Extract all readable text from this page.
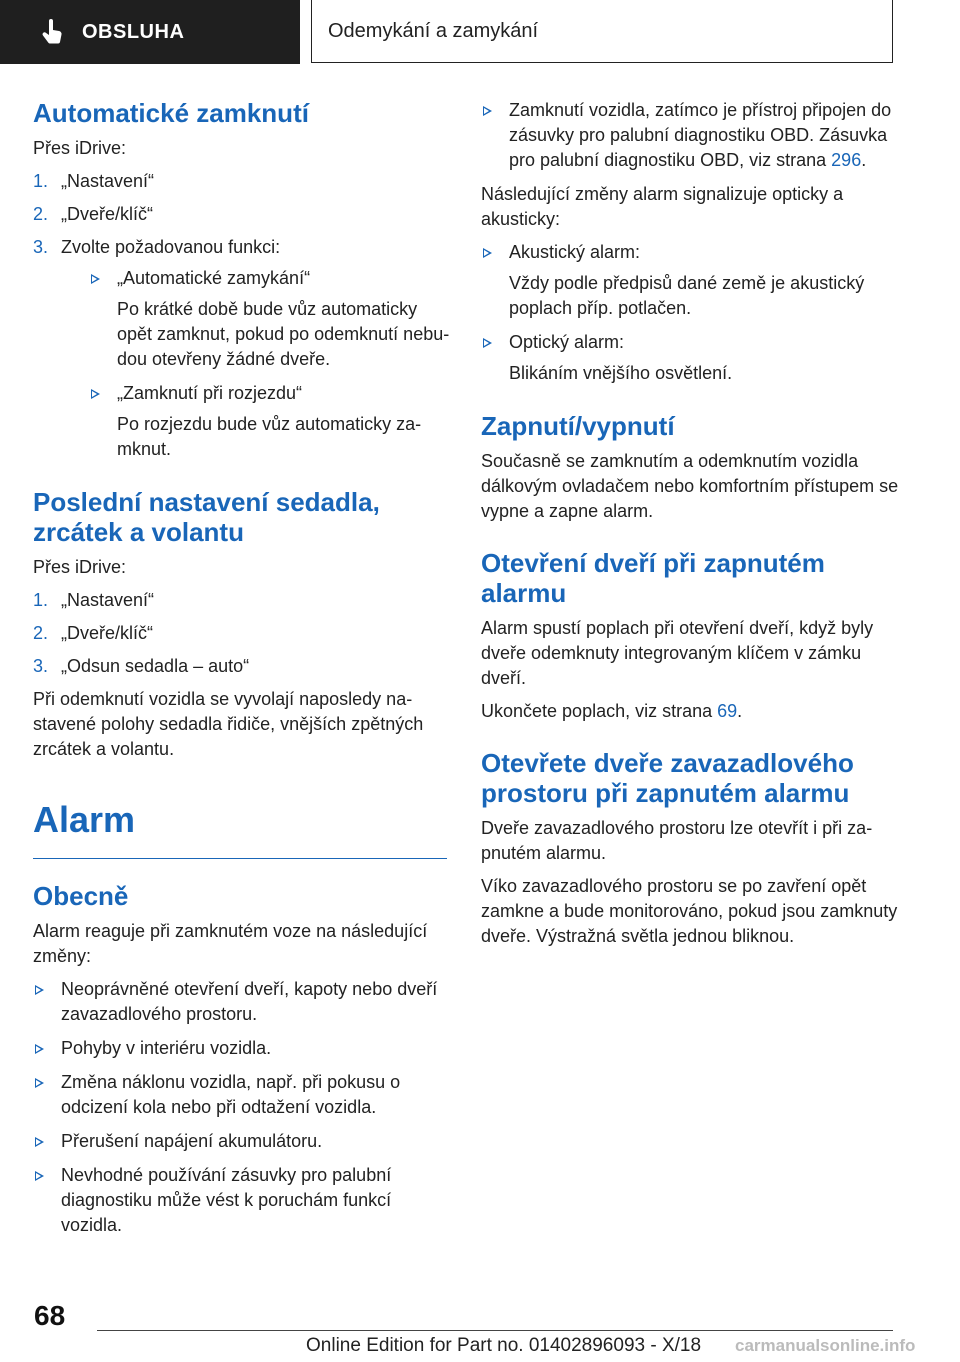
OBSLUHA	Odemykání a zamykání
Automatické zamknutí

Přes iDrive:

1. „Nastavení“
2. „Dveře/klíč“
3. Zvolte požadovanou funkci:
„Automatické zamykání“
Po krátké době bude vůz automaticky opět zamknut, pokud po odemknutí nebudou otevřeny žádné dveře.
„Zamknutí při rozjezdu“
Po rozjezdu bude vůz automaticky zamknut.
Poslední nastavení sedadla, zrcátek a volantu

Přes iDrive:

1. „Nastavení“
2. „Dveře/klíč“
3. „Odsun sedadla – auto“

Při odemknutí vozidla se vyvolají naposledy nastavené polohy sedadla řidiče, vnějších zpětných zrcátek a volantu.

Alarm
Obecně

Alarm reaguje při zamknutém voze na následující změny:

Neoprávněné otevření dveří, kapoty nebo dveří zavazadlového prostoru.
Pohyby v interiéru vozidla.
Změna náklonu vozidla, např. při pokusu o odcizení kola nebo při odtažení vozidla.
Přerušení napájení akumulátoru.
Nevhodné používání zásuvky pro palubní diagnostiku může vést k poruchám funkcí vozidla.
Zamknutí vozidla, zatímco je přístroj připojen do zásuvky pro palubní diagnostiku OBD. Zásuvka pro palubní diagnostiku OBD, viz strana 296.

Následující změny alarm signalizuje opticky a akusticky:

Akustický alarm:
Vždy podle předpisů dané země je akustický poplach příp. potlačen.
Optický alarm:
Blikáním vnějšího osvětlení.
Zapnutí/vypnutí

Současně se zamknutím a odemknutím vozidla dálkovým ovladačem nebo komfortním přístupem se vypne a zapne alarm.

Otevření dveří při zapnutém alarmu

Alarm spustí poplach při otevření dveří, když byly dveře odemknuty integrovaným klíčem v zámku dveří.

Ukončete poplach, viz strana 69.

Otevřete dveře zavazadlového prostoru při zapnutém alarmu

Dveře zavazadlového prostoru lze otevřít i při zapnutém alarmu.

Víko zavazadlového prostoru se po zavření opět zamkne a bude monitorováno, pokud jsou zamknuty dveře. Výstražná světla jednou bliknou.

68
Online Edition for Part no. 01402896093 - X/18 carmanualsonline.info
